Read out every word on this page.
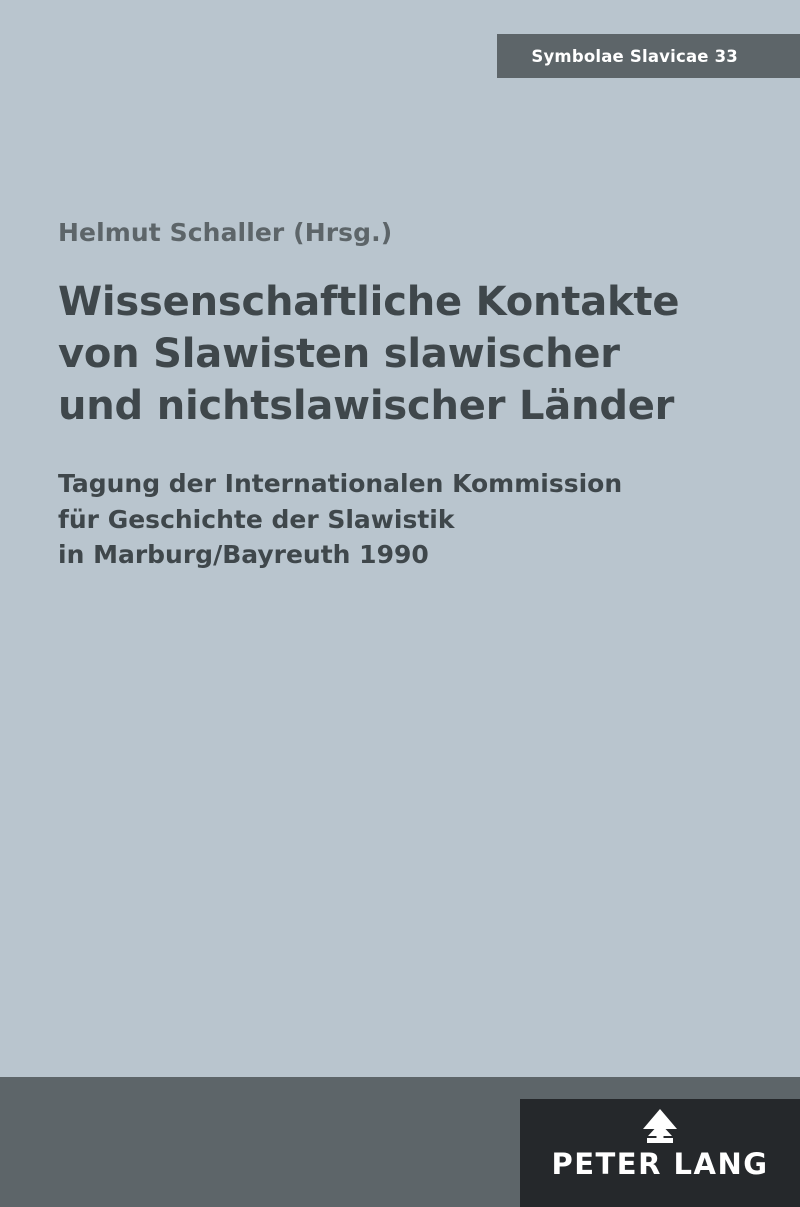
Symbolae Slavicae 33
Helmut Schaller (Hrsg.)
Wissenschaftliche Kontakte
von Slawisten slawischer
und nichtslawischer Länder
Tagung der Internationalen Kommission
für Geschichte der Slawistik
in Marburg/Bayreuth 1990
PETER LANG
